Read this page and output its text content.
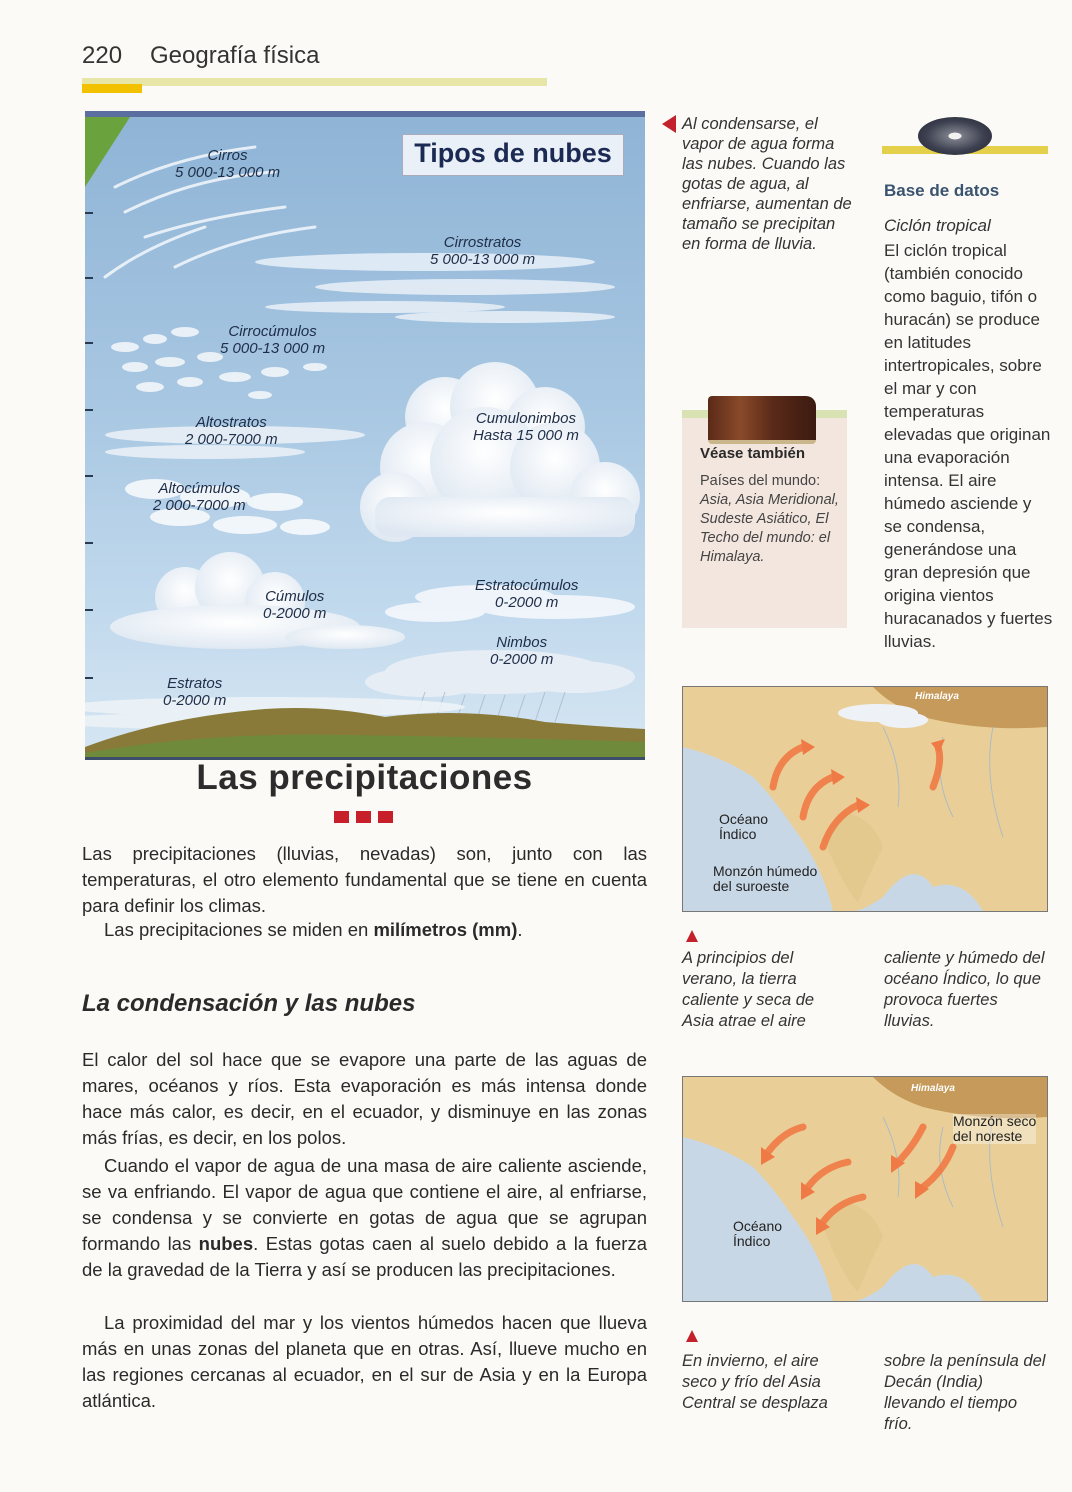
220 Geografía física
Tipos de nubes
Cirros
5 000-13 000 m
Cirrostratos
5 000-13 000 m
Cirrocúmulos
5 000-13 000 m
Altostratos
2 000-7000 m
Cumulonimbos
Hasta 15 000 m
Altocúmulos
2 000-7000 m
Cúmulos
0-2000 m
Estratocúmulos
0-2000 m
Nimbos
0-2000 m
Estratos
0-2000 m
Las precipitaciones
Las precipitaciones (lluvias, nevadas) son, junto con las temperaturas, el otro elemento fundamental que se tiene en cuenta para definir los climas.
Las precipitaciones se miden en milímetros (mm).
La condensación y las nubes
El calor del sol hace que se evapore una parte de las aguas de mares, océanos y ríos. Esta evaporación es más intensa donde hace más calor, es decir, en el ecuador, y disminuye en las zonas más frías, es decir, en los polos.
Cuando el vapor de agua de una masa de aire caliente asciende, se va enfriando. El vapor de agua que contiene el aire, al enfriarse, se condensa y se convierte en gotas de agua que se agrupan formando las nubes. Estas gotas caen al suelo debido a la fuerza de la gravedad de la Tierra y así se producen las precipitaciones.
La proximidad del mar y los vientos húmedos hacen que llueva más en unas zonas del planeta que en otras. Así, llueve mucho en las regiones cercanas al ecuador, en el sur de Asia y en la Europa atlántica.
Al condensarse, el vapor de agua forma las nubes. Cuando las gotas de agua, al enfriarse, aumentan de tamaño se precipitan en forma de lluvia.
Base de datos
Ciclón tropical
El ciclón tropical (también conocido como baguio, tifón o huracán) se produce en latitudes intertropicales, sobre el mar y con temperaturas elevadas que originan una evaporación intensa. El aire húmedo asciende y se condensa, generándose una gran depresión que origina vientos huracanados y fuertes lluvias.
Véase también
Países del mundo:
Asia, Asia Meridional, Sudeste Asiático, El Techo del mundo: el Himalaya.
Himalaya
Océano
Índico
Monzón húmedo
del suroeste
A principios del verano, la tierra caliente y seca de Asia atrae el aire
caliente y húmedo del océano Índico, lo que provoca fuertes lluvias.
Himalaya
Monzón seco
del noreste
Océano
Índico
En invierno, el aire seco y frío del Asia Central se desplaza
sobre la península del Decán (India) llevando el tiempo frío.
